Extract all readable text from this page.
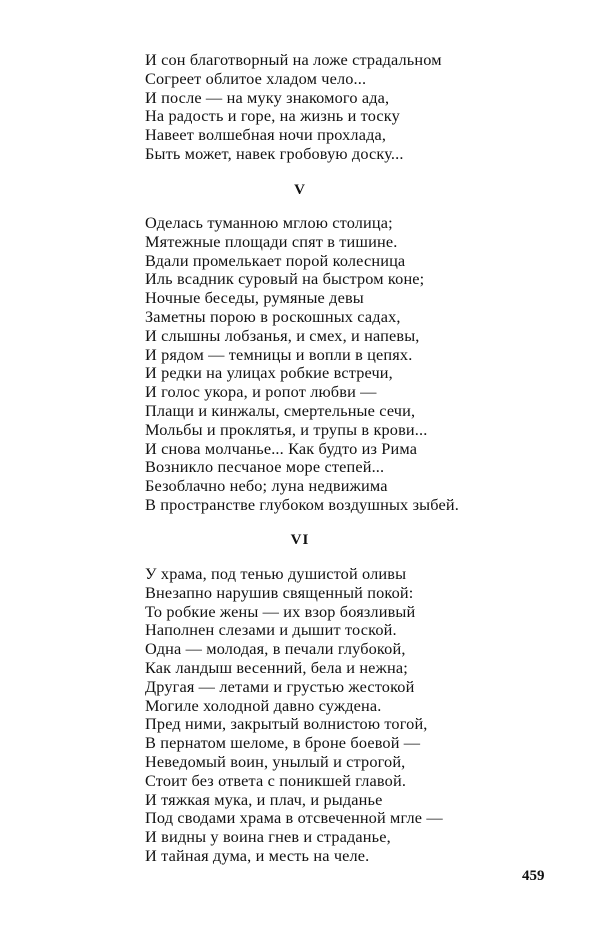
И сон благотворный на ложе страдальном
Согреет облитое хладом чело...
И после — на муку знакомого ада,
На радость и горе, на жизнь и тоску
Навеет волшебная ночи прохлада,
Быть может, навек гробовую доску...
V
Оделась туманною мглою столица;
Мятежные площади спят в тишине.
Вдали промелькает порой колесница
Иль всадник суровый на быстром коне;
Ночные беседы, румяные девы
Заметны порою в роскошных садах,
И слышны лобзанья, и смех, и напевы,
И рядом — темницы и вопли в цепях.
И редки на улицах робкие встречи,
И голос укора, и ропот любви —
Плащи и кинжалы, смертельные сечи,
Мольбы и проклятья, и трупы в крови...
И снова молчанье... Как будто из Рима
Возникло песчаное море степей...
Безоблачно небо; луна недвижима
В пространстве глубоком воздушных зыбей.
VI
У храма, под тенью душистой оливы
Внезапно нарушив священный покой:
То робкие жены — их взор боязливый
Наполнен слезами и дышит тоской.
Одна — молодая, в печали глубокой,
Как ландыш весенний, бела и нежна;
Другая — летами и грустью жестокой
Могиле холодной давно суждена.
Пред ними, закрытый волнистою тогой,
В пернатом шеломе, в броне боевой —
Неведомый воин, унылый и строгой,
Стоит без ответа с поникшей главой.
И тяжкая мука, и плач, и рыданье
Под сводами храма в отсвеченной мгле —
И видны у воина гнев и страданье,
И тайная дума, и месть на челе.
459
